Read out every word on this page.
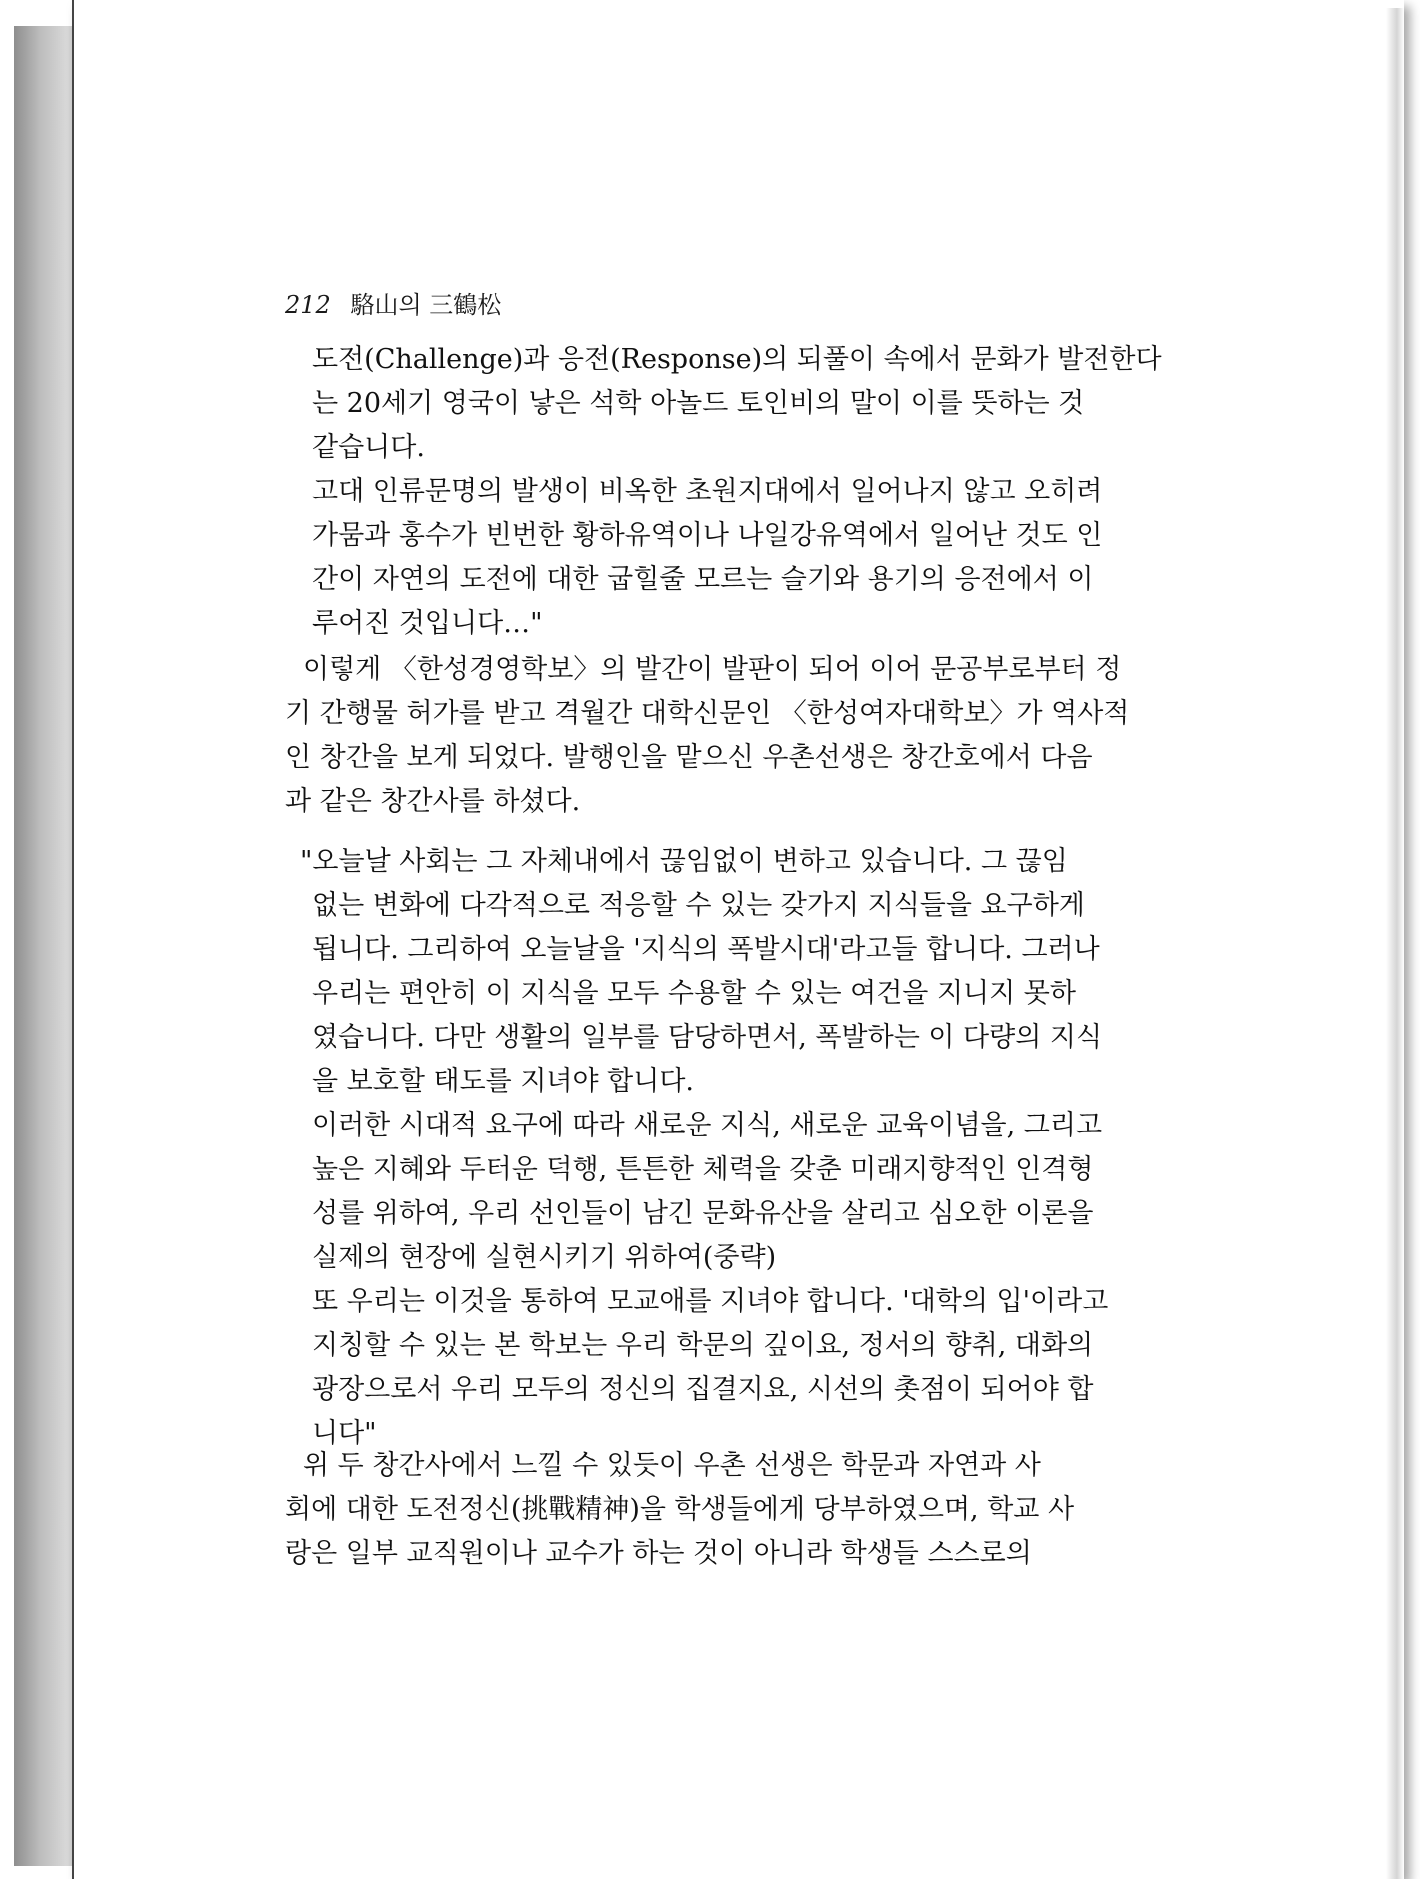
212 駱山의 三鶴松
도전(Challenge)과 응전(Response)의 되풀이 속에서 문화가 발전한다
는 20세기 영국이 낳은 석학 아놀드 토인비의 말이 이를 뜻하는 것
같습니다.
고대 인류문명의 발생이 비옥한 초원지대에서 일어나지 않고 오히려
가뭄과 홍수가 빈번한 황하유역이나 나일강유역에서 일어난 것도 인
간이 자연의 도전에 대한 굽힐줄 모르는 슬기와 용기의 응전에서 이
루어진 것입니다…"
이렇게 〈한성경영학보〉의 발간이 발판이 되어 이어 문공부로부터 정
기 간행물 허가를 받고 격월간 대학신문인 〈한성여자대학보〉가 역사적
인 창간을 보게 되었다. 발행인을 맡으신 우촌선생은 창간호에서 다음
과 같은 창간사를 하셨다.
"오늘날 사회는 그 자체내에서 끊임없이 변하고 있습니다. 그 끊임
없는 변화에 다각적으로 적응할 수 있는 갖가지 지식들을 요구하게
됩니다. 그리하여 오늘날을 '지식의 폭발시대'라고들 합니다. 그러나
우리는 편안히 이 지식을 모두 수용할 수 있는 여건을 지니지 못하
였습니다. 다만 생활의 일부를 담당하면서, 폭발하는 이 다량의 지식
을 보호할 태도를 지녀야 합니다.
이러한 시대적 요구에 따라 새로운 지식, 새로운 교육이념을, 그리고
높은 지혜와 두터운 덕행, 튼튼한 체력을 갖춘 미래지향적인 인격형
성를 위하여, 우리 선인들이 남긴 문화유산을 살리고 심오한 이론을
실제의 현장에 실현시키기 위하여(중략)
또 우리는 이것을 통하여 모교애를 지녀야 합니다. '대학의 입'이라고
지칭할 수 있는 본 학보는 우리 학문의 깊이요, 정서의 향취, 대화의
광장으로서 우리 모두의 정신의 집결지요, 시선의 촛점이 되어야 합
니다"
위 두 창간사에서 느낄 수 있듯이 우촌 선생은 학문과 자연과 사
회에 대한 도전정신(挑戰精神)을 학생들에게 당부하였으며, 학교 사
랑은 일부 교직원이나 교수가 하는 것이 아니라 학생들 스스로의
